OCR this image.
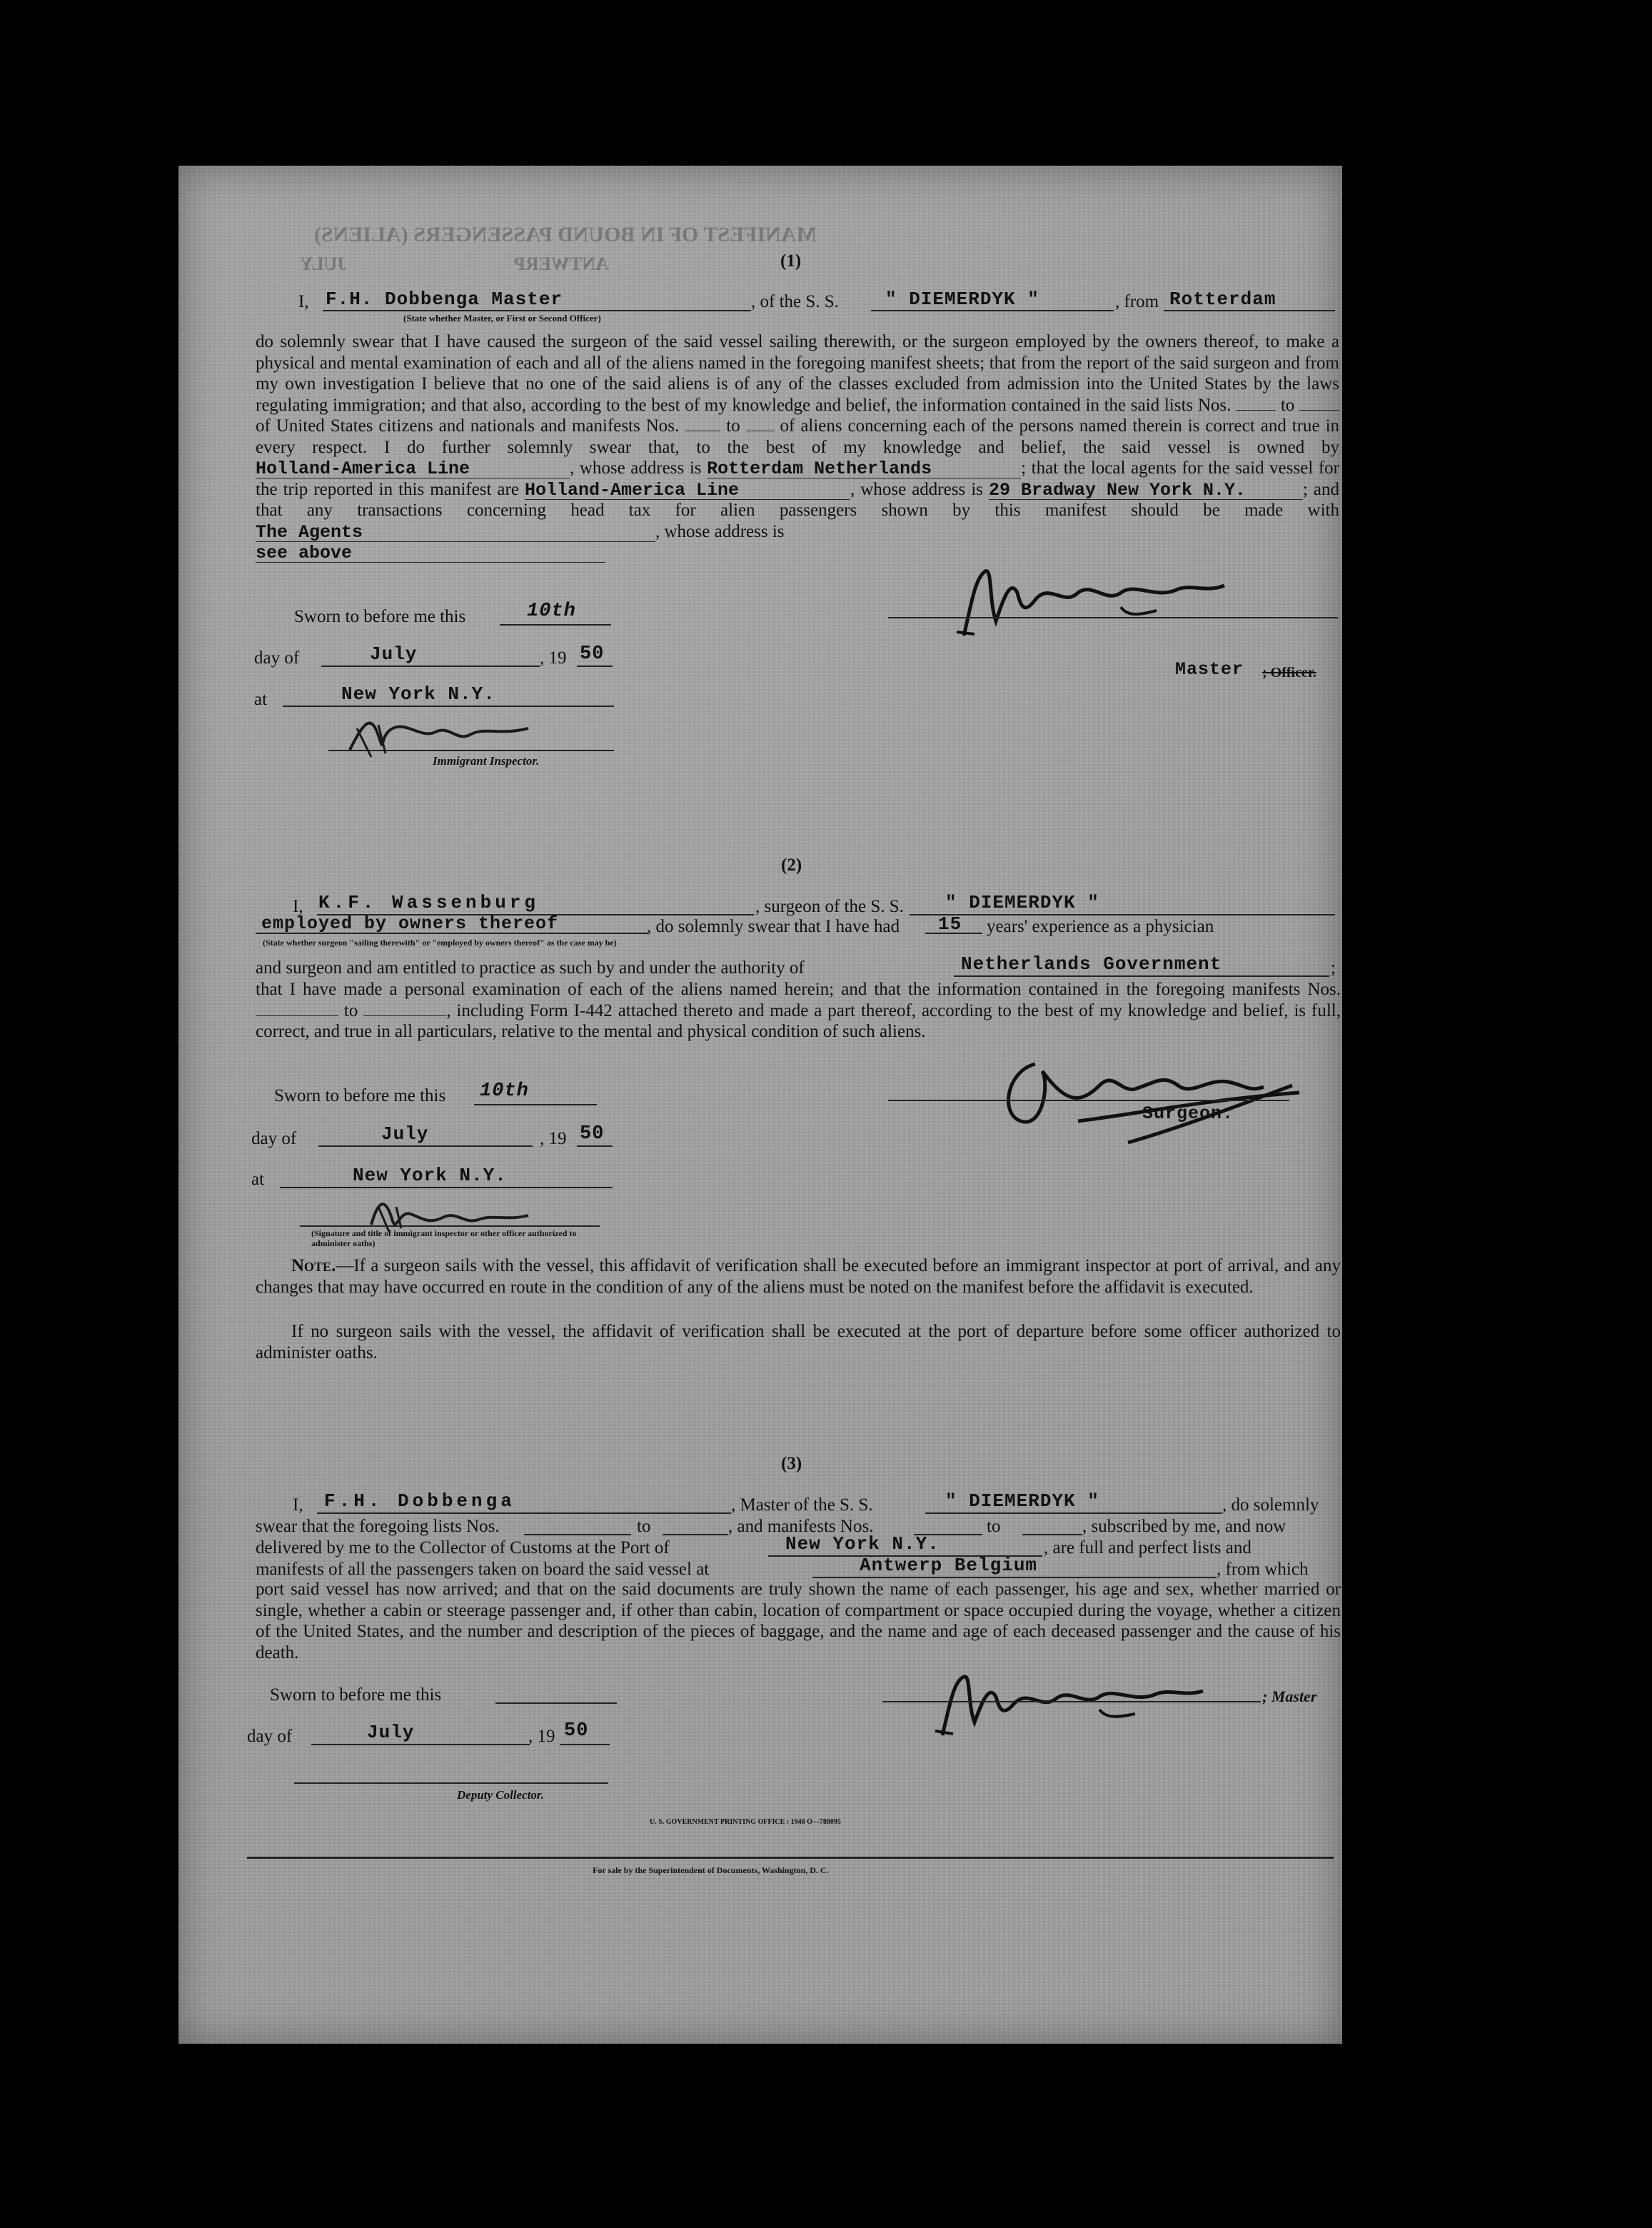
MANIFEST OF IN BOUND PASSENGERS (ALIENS)
ANTWERP
JULY	(1)
I, F.H. Dobbenga Master	, of the S. S.	" DIEMERDYK "	, from Rotterdam
(State whether Master, or First or Second Officer)
do solemnly swear that I have caused the surgeon of the said vessel sailing therewith, or the surgeon employed by the owners thereof, to make a physical and mental examination of each and all of the aliens named in the foregoing manifest sheets; that from the report of the said surgeon and from my own investigation I believe that no one of the said aliens is of any of the classes excluded from admission into the United States by the laws regulating immigration; and that also, according to the best of my knowledge and belief, the information contained in the said lists Nos.	to  of United States citizens and nationals and manifests Nos.	to of aliens concerning each of the persons named therein is correct and true in every respect. I do further solemnly swear that, to the best of my knowledge and belief, the said vessel is owned by Holland-America Line	, whose address is Rotterdam Netherlands	; that the local agents for the said vessel for the trip reported in this manifest are Holland-America Line	, whose address is 29 Bradway New York N.Y.	; and that any transactions concerning head tax for alien passengers shown by this manifest should be made with The Agents	, whose address is
see above
Sworn to before me this	10th
day of	July	, 19 50
at	New York N.Y.
Immigrant Inspector.
Master ; Officer.
(2)
I, K.F. Wassenburg	, surgeon of the S. S. " DIEMERDYK "
employed by owners thereof	, do solemnly swear that I have had 15 years' experience as a physician
(State whether surgeon "sailing therewith" or "employed by owners thereof" as the case may be)
and surgeon and am entitled to practice as such by and under the authority of	Netherlands Government	;
that I have made a personal examination of each of the aliens named herein; and that the information contained in the foregoing manifests Nos.  to	, including Form I-442 attached thereto and made a part thereof, according to the best of my knowledge and belief, is full, correct, and true in all particulars, relative to the mental and physical condition of such aliens.
Sworn to before me this 10th
day of	July	, 19 50
at	New York N.Y.
(Signature and title of immigrant inspector or other officer authorized to administer oaths)
Surgeon.
Note.—If a surgeon sails with the vessel, this affidavit of verification shall be executed before an immigrant inspector at port of arrival, and any changes that may have occurred en route in the condition of any of the aliens must be noted on the manifest before the affidavit is executed.
If no surgeon sails with the vessel, the affidavit of verification shall be executed at the port of departure before some officer authorized to administer oaths.
(3)
I, F.H. Dobbenga	, Master of the S. S.	" DIEMERDYK "	, do solemnly
swear that the foregoing lists Nos.	to	, and manifests Nos.	to	, subscribed by me, and now
delivered by me to the Collector of Customs at the Port of	New York N.Y.	, are full and perfect lists and
manifests of all the passengers taken on board the said vessel at	Antwerp Belgium	, from which
port said vessel has now arrived; and that on the said documents are truly shown the name of each passenger, his age and sex, whether married or single, whether a cabin or steerage passenger and, if other than cabin, location of compartment or space occupied during the voyage, whether a citizen of the United States, and the number and description of the pieces of baggage, and the name and age of each deceased passenger and the cause of his death.
Sworn to before me this
day of	July	, 19 50
Deputy Collector.
; Master
U. S. GOVERNMENT PRINTING OFFICE : 1948 O—788095
For sale by the Superintendent of Documents, Washington, D. C.
